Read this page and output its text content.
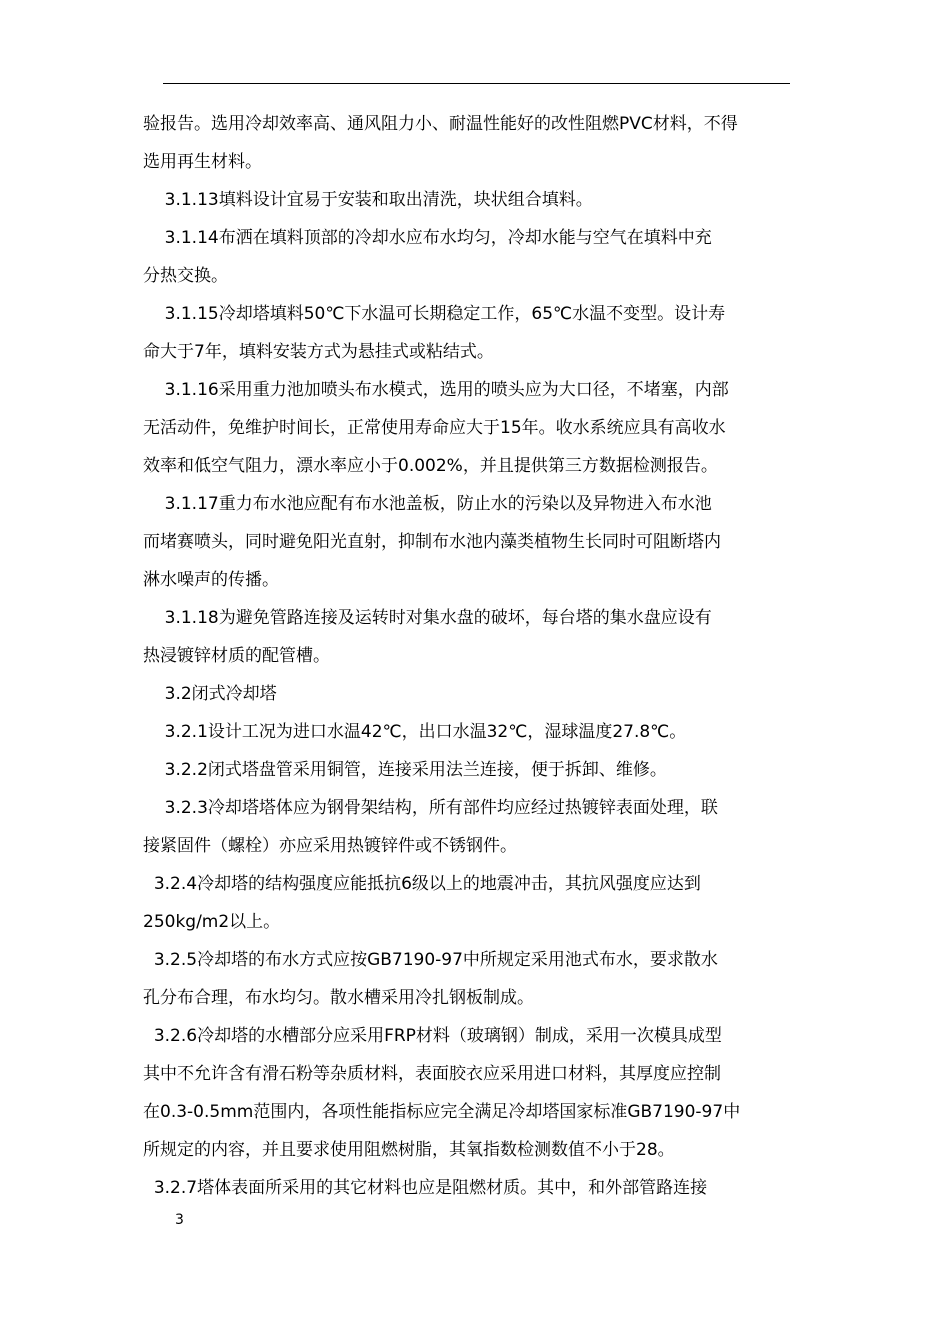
验报告。选用冷却效率高、通风阻力小、耐温性能好的改性阻燃PVC材料，不得
选用再生材料。

3.1.13填料设计宜易于安装和取出清洗，块状组合填料。

3.1.14布洒在填料顶部的冷却水应布水均匀，冷却水能与空气在填料中充
分热交换。

3.1.15冷却塔填料50℃下水温可长期稳定工作，65℃水温不变型。设计寿
命大于7年，填料安装方式为悬挂式或粘结式。

3.1.16采用重力池加喷头布水模式，选用的喷头应为大口径，不堵塞，内部
无活动件，免维护时间长，正常使用寿命应大于15年。收水系统应具有高收水
效率和低空气阻力，漂水率应小于0.002%，并且提供第三方数据检测报告。

3.1.17重力布水池应配有布水池盖板，防止水的污染以及异物进入布水池
而堵赛喷头，同时避免阳光直射，抑制布水池内藻类植物生长同时可阻断塔内
淋水噪声的传播。

3.1.18为避免管路连接及运转时对集水盘的破坏，每台塔的集水盘应设有
热浸镀锌材质的配管槽。

3.2闭式冷却塔

3.2.1设计工况为进口水温42℃，出口水温32℃，湿球温度27.8℃。

3.2.2闭式塔盘管采用铜管，连接采用法兰连接，便于拆卸、维修。

3.2.3冷却塔塔体应为钢骨架结构，所有部件均应经过热镀锌表面处理，联
接紧固件（螺栓）亦应采用热镀锌件或不锈钢件。

3.2.4冷却塔的结构强度应能抵抗6级以上的地震冲击，其抗风强度应达到
250kg/m2以上。

3.2.5冷却塔的布水方式应按GB7190-97中所规定采用池式布水，要求散水
孔分布合理，布水均匀。散水槽采用冷扎钢板制成。

3.2.6冷却塔的水槽部分应采用FRP材料（玻璃钢）制成，采用一次模具成型
其中不允许含有滑石粉等杂质材料，表面胶衣应采用进口材料，其厚度应控制
在0.3-0.5mm范围内，各项性能指标应完全满足冷却塔国家标准GB7190-97中
所规定的内容，并且要求使用阻燃树脂，其氧指数检测数值不小于28。

3.2.7塔体表面所采用的其它材料也应是阻燃材质。其中，和外部管路连接

3
